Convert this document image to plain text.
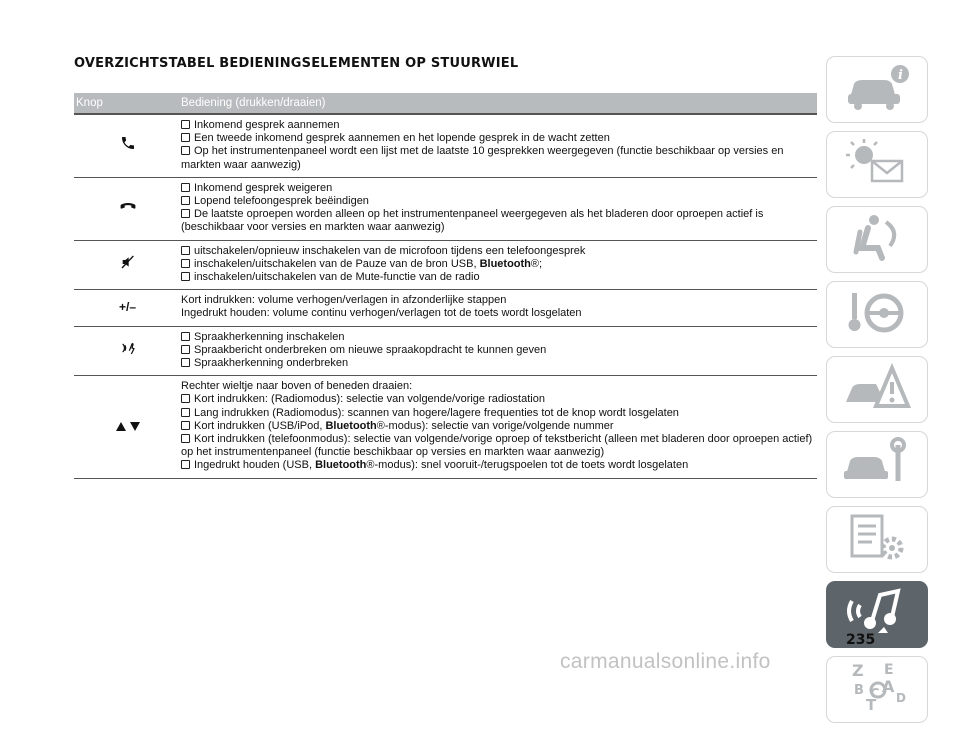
OVERZICHTSTABEL BEDIENINGSELEMENTEN OP STUURWIEL
Knop	Bediening (drukken/draaien)
Inkomend gesprek aannemen
Een tweede inkomend gesprek aannemen en het lopende gesprek in de wacht zetten
Op het instrumentenpaneel wordt een lijst met de laatste 10 gesprekken weergegeven (functie beschikbaar op versies en markten waar aanwezig)
Inkomend gesprek weigeren
Lopend telefoongesprek beëindigen
De laatste oproepen worden alleen op het instrumentenpaneel weergegeven als het bladeren door oproepen actief is (beschikbaar voor versies en markten waar aanwezig)
uitschakelen/opnieuw inschakelen van de microfoon tijdens een telefoongesprek
inschakelen/uitschakelen van de Pauze van de bron USB, Bluetooth®;
inschakelen/uitschakelen van de Mute-functie van de radio
+/–
Kort indrukken: volume verhogen/verlagen in afzonderlijke stappen
Ingedrukt houden: volume continu verhogen/verlagen tot de toets wordt losgelaten
Spraakherkenning inschakelen
Spraakbericht onderbreken om nieuwe spraakopdracht te kunnen geven
Spraakherkenning onderbreken
Rechter wieltje naar boven of beneden draaien:
Kort indrukken: (Radiomodus): selectie van volgende/vorige radiostation
Lang indrukken (Radiomodus): scannen van hogere/lagere frequenties tot de knop wordt losgelaten
Kort indrukken (USB/iPod, Bluetooth®-modus): selectie van vorige/volgende nummer
Kort indrukken (telefoonmodus): selectie van volgende/vorige oproep of tekstbericht (alleen met bladeren door oproepen actief) op het instrumentenpaneel (functie beschikbaar op versies en markten waar aanwezig)
Ingedrukt houden (USB, Bluetooth®-modus): snel vooruit-/terugspoelen tot de toets wordt losgelaten
i
Z E
A
B C
T D
235
carmanualsonline.info
